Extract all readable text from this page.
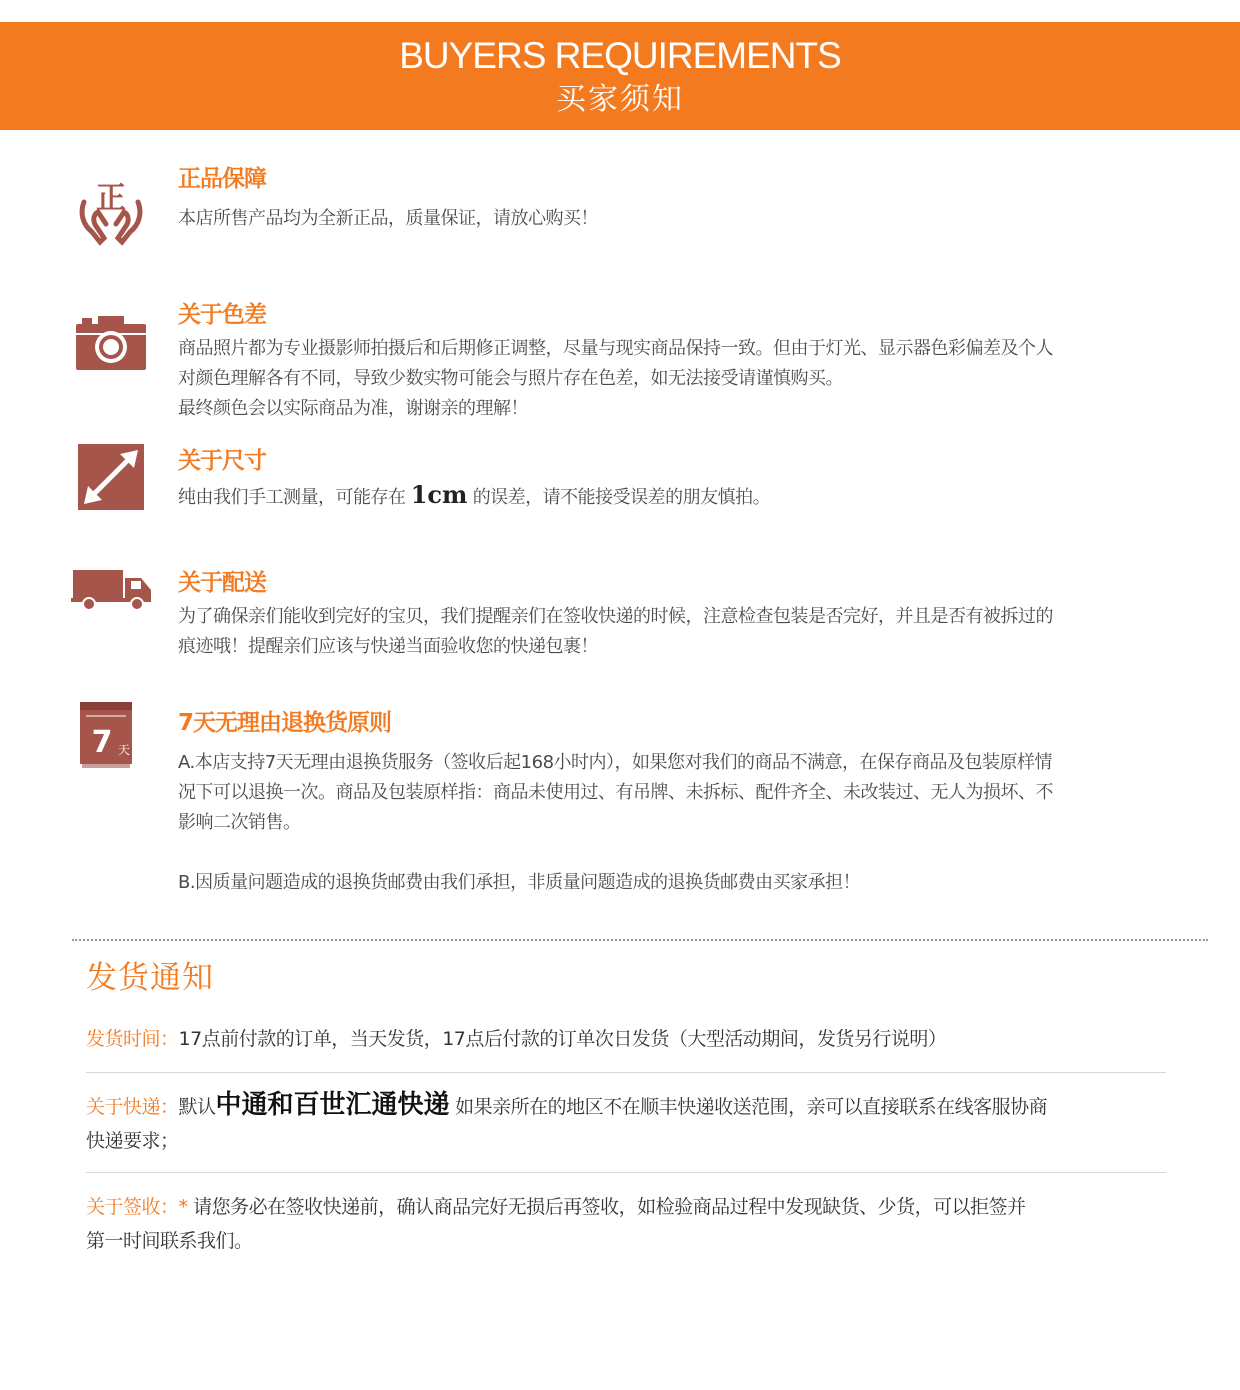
BUYERS REQUIREMENTS
买家须知
正
正品保障
本店所售产品均为全新正品，质量保证，请放心购买！
关于色差
商品照片都为专业摄影师拍摄后和后期修正调整，尽量与现实商品保持一致。但由于灯光、显示器色彩偏差及个人
对颜色理解各有不同，导致少数实物可能会与照片存在色差，如无法接受请谨慎购买。
最终颜色会以实际商品为准，谢谢亲的理解！
关于尺寸
纯由我们手工测量，可能存在 1cm 的误差，请不能接受误差的朋友慎拍。
关于配送
为了确保亲们能收到完好的宝贝，我们提醒亲们在签收快递的时候，注意检查包装是否完好，并且是否有被拆过的
痕迹哦！提醒亲们应该与快递当面验收您的快递包裹！
7 天
7天无理由退换货原则
A.本店支持7天无理由退换货服务（签收后起168小时内），如果您对我们的商品不满意，在保存商品及包装原样情
况下可以退换一次。商品及包装原样指：商品未使用过、有吊牌、未拆标、配件齐全、未改装过、无人为损坏、不
影响二次销售。
B.因质量问题造成的退换货邮费由我们承担，非质量问题造成的退换货邮费由买家承担！
发货通知
发货时间：17点前付款的订单，当天发货，17点后付款的订单次日发货（大型活动期间，发货另行说明）
关于快递：默认中通和百世汇通快递 如果亲所在的地区不在顺丰快递收送范围，亲可以直接联系在线客服协商
快递要求；
关于签收：* 请您务必在签收快递前，确认商品完好无损后再签收，如检验商品过程中发现缺货、少货，可以拒签并
第一时间联系我们。
